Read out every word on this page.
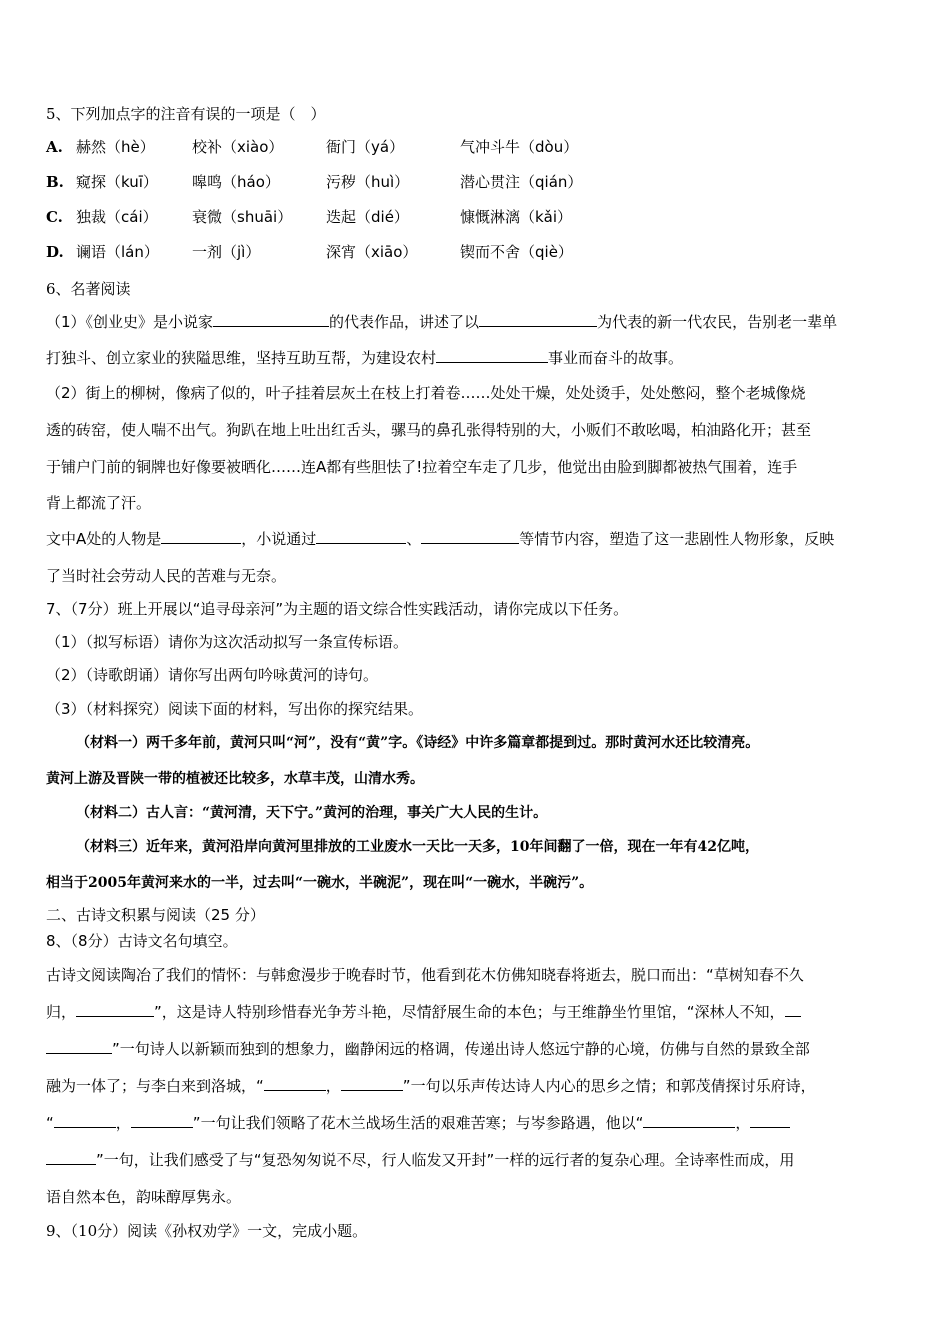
5、下列加点字的注音有误的一项是（　）
A. 赫然（hè） 校补（xiào）	衙门（yá）	气冲斗牛（dòu）
B. 窥探（kuī） 嗥鸣（háo）	污秽（huì）	潜心贯注（qián）
C. 独裁（cái） 衰微（shuāi） 迭起（dié）	慷慨淋漓（kǎi）
D. 谰语（lán） 一剂（jì）	深宵（xiāo）	锲而不舍（qiè）
6、名著阅读
（1）《创业史》是小说家	的代表作品，讲述了以	为代表的新一代农民，告别老一辈单
打独斗、创立家业的狭隘思维，坚持互助互帮，为建设农村	事业而奋斗的故事。
（2）街上的柳树，像病了似的，叶子挂着层灰土在枝上打着卷……处处干燥，处处烫手，处处憋闷，整个老城像烧
透的砖窑，使人喘不出气。狗趴在地上吐出红舌头，骡马的鼻孔张得特别的大，小贩们不敢吆喝，柏油路化开；甚至
于铺户门前的铜牌也好像要被晒化……连A都有些胆怯了!拉着空车走了几步，他觉出由脸到脚都被热气围着，连手
背上都流了汗。
文中A处的人物是	，小说通过	、	等情节内容，塑造了这一悲剧性人物形象，反映
了当时社会劳动人民的苦难与无奈。
7、（7分）班上开展以“追寻母亲河”为主题的语文综合性实践活动，请你完成以下任务。
（1）（拟写标语）请你为这次活动拟写一条宣传标语。
（2）（诗歌朗诵）请你写出两句吟咏黄河的诗句。
（3）（材料探究）阅读下面的材料，写出你的探究结果。
（材料一）两千多年前，黄河只叫“河”，没有“黄”字。《诗经》中许多篇章都提到过。那时黄河水还比较清亮。
黄河上游及晋陕一带的植被还比较多，水草丰茂，山清水秀。
（材料二）古人言：“黄河清，天下宁。”黄河的治理，事关广大人民的生计。
（材料三）近年来，黄河沿岸向黄河里排放的工业废水一天比一天多，10年间翻了一倍，现在一年有42亿吨，
相当于2005年黄河来水的一半，过去叫“一碗水，半碗泥”，现在叫“一碗水，半碗污”。
二、古诗文积累与阅读（25 分）
8、（8分）古诗文名句填空。
古诗文阅读陶冶了我们的情怀：与韩愈漫步于晚春时节，他看到花木仿佛知晓春将逝去，脱口而出：“草树知春不久
归，	”，这是诗人特别珍惜春光争芳斗艳，尽情舒展生命的本色；与王维静坐竹里馆，“深林人不知，
”一句诗人以新颖而独到的想象力，幽静闲远的格调，传递出诗人悠远宁静的心境，仿佛与自然的景致全部
融为一体了；与李白来到洛城，“	，	”一句以乐声传达诗人内心的思乡之情；和郭茂倩探讨乐府诗，
“	，	”一句让我们领略了花木兰战场生活的艰难苦寒；与岑参路遇，他以“	，
”一句，让我们感受了与“复恐匆匆说不尽，行人临发又开封”一样的远行者的复杂心理。全诗率性而成，用
语自然本色，韵味醇厚隽永。
9、（10分）阅读《孙权劝学》一文，完成小题。
